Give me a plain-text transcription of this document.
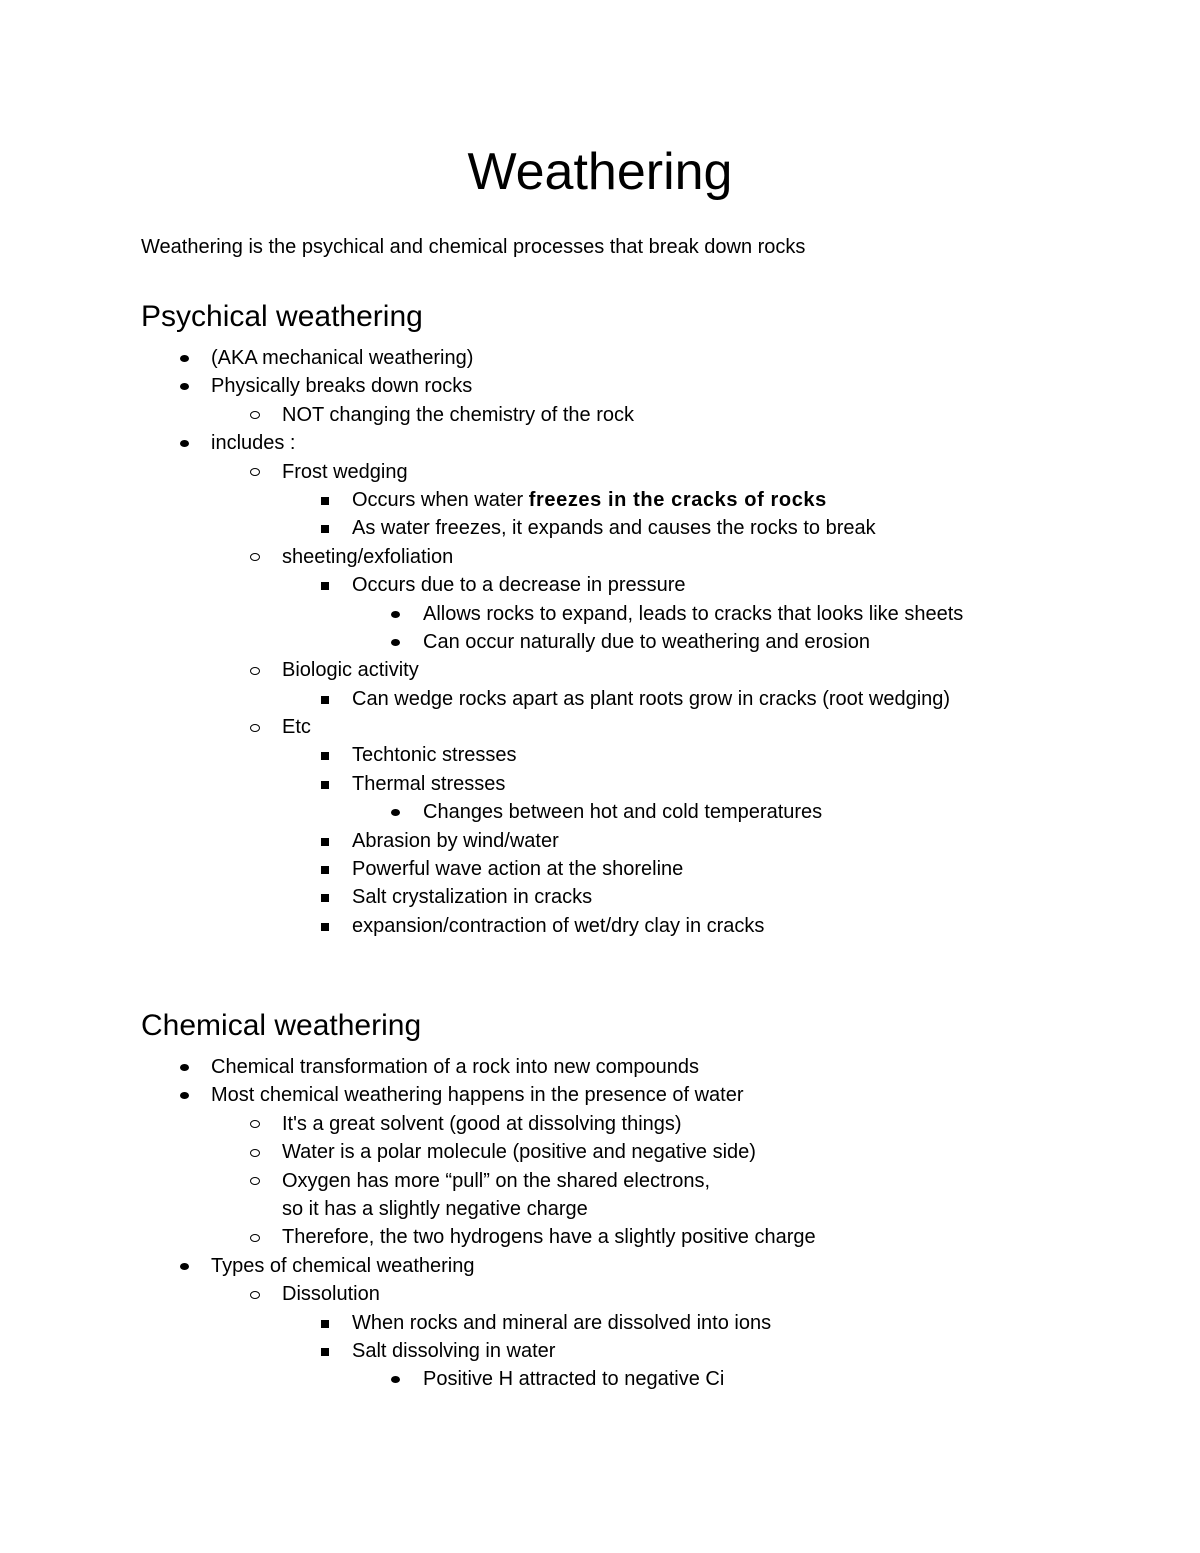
Weathering

Weathering is the psychical and chemical processes that break down rocks

Psychical weathering
(AKA mechanical weathering)
Physically breaks down rocks
NOT changing the chemistry of the rock
includes :
Frost wedging
Occurs when water freezes in the cracks of rocks
As water freezes, it expands and causes the rocks to break
sheeting/exfoliation
Occurs due to a decrease in pressure
Allows rocks to expand, leads to cracks that looks like sheets
Can occur naturally due to weathering and erosion
Biologic activity
Can wedge rocks apart as plant roots grow in cracks (root wedging)
Etc
Techtonic stresses
Thermal stresses
Changes between hot and cold temperatures
Abrasion by wind/water
Powerful wave action at the shoreline
Salt crystalization in cracks
expansion/contraction of wet/dry clay in cracks
Chemical weathering
Chemical transformation of a rock into new compounds
Most chemical weathering happens in the presence of water
It's a great solvent (good at dissolving things)
Water is a polar molecule (positive and negative side)
Oxygen has more “pull” on the shared electrons, so it has a slightly negative charge
Therefore, the two hydrogens have a slightly positive charge
Types of chemical weathering
Dissolution
When rocks and mineral are dissolved into ions
Salt dissolving in water
Positive H attracted to negative Ci
